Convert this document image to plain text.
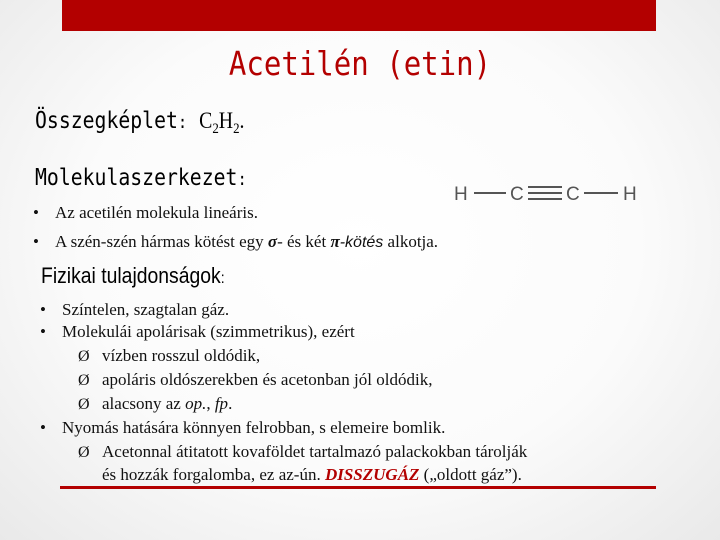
Acetilén (etin)
Összegképlet: $C_2H_2$.
Molekulaszerkezet:
H C C H
• Az acetilén molekula lineáris.
• A szén-szén hármas kötést egy σ- és két π-kötés alkotja.
Fizikai tulajdonságok:
• Színtelen, szagtalan gáz.
• Molekulái apolárisak (szimmetrikus), ezért
Ø vízben rosszul oldódik,
Ø apoláris oldószerekben és acetonban jól oldódik,
Ø alacsony az op., fp.
• Nyomás hatására könnyen felrobban, s elemeire bomlik.
Ø Acetonnal átitatott kovaföldet tartalmazó palackokban tárolják
és hozzák forgalomba, ez az-ún. DISSZUGÁZ („oldott gáz”).
